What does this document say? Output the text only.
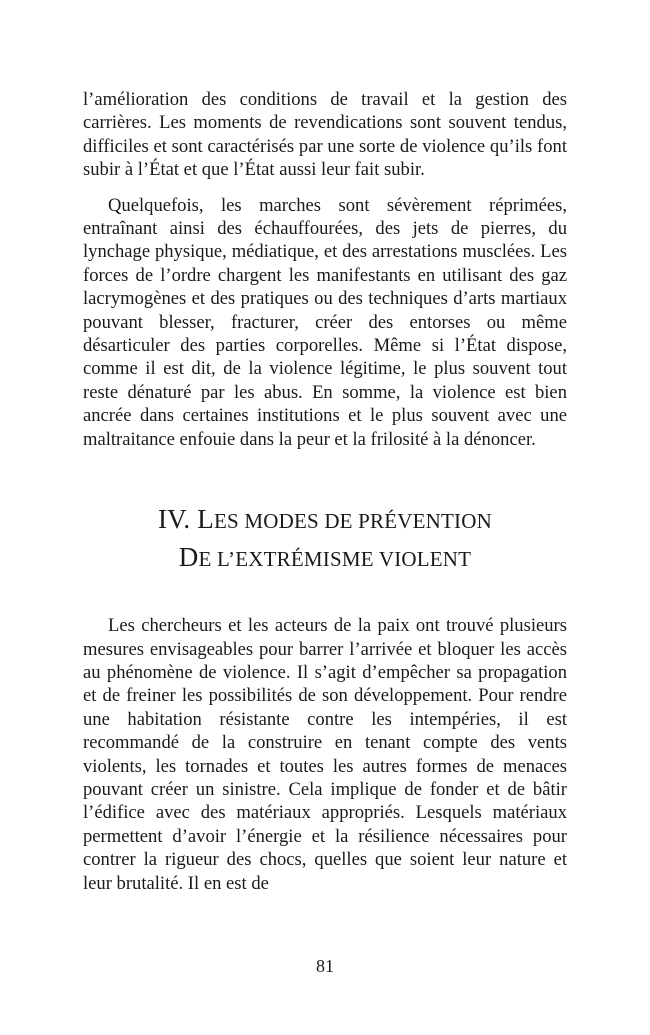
l’amélioration des conditions de travail et la gestion des carrières. Les moments de revendications sont souvent tendus, difficiles et sont caractérisés par une sorte de violence qu’ils font subir à l’État et que l’État aussi leur fait subir.

Quelquefois, les marches sont sévèrement réprimées, entraînant ainsi des échauffourées, des jets de pierres, du lynchage physique, médiatique, et des arrestations musclées. Les forces de l’ordre chargent les manifestants en utilisant des gaz lacrymogènes et des pratiques ou des techniques d’arts martiaux pouvant blesser, fracturer, créer des entorses ou même désarticuler des parties corporelles. Même si l’État dispose, comme il est dit, de la violence légitime, le plus souvent tout reste dénaturé par les abus. En somme, la violence est bien ancrée dans certaines institutions et le plus souvent avec une maltraitance enfouie dans la peur et la frilosité à la dénoncer.

IV. LES MODES DE PRÉVENTION
DE L’EXTRÉMISME VIOLENT

Les chercheurs et les acteurs de la paix ont trouvé plusieurs mesures envisageables pour barrer l’arrivée et bloquer les accès au phénomène de violence. Il s’agit d’empêcher sa propagation et de freiner les possibilités de son développement. Pour rendre une habitation résistante contre les intempéries, il est recommandé de la construire en tenant compte des vents violents, les tornades et toutes les autres formes de menaces pouvant créer un sinistre. Cela implique de fonder et de bâtir l’édifice avec des matériaux appropriés. Lesquels matériaux permettent d’avoir l’énergie et la résilience nécessaires pour contrer la rigueur des chocs, quelles que soient leur nature et leur brutalité. Il en est de

81
